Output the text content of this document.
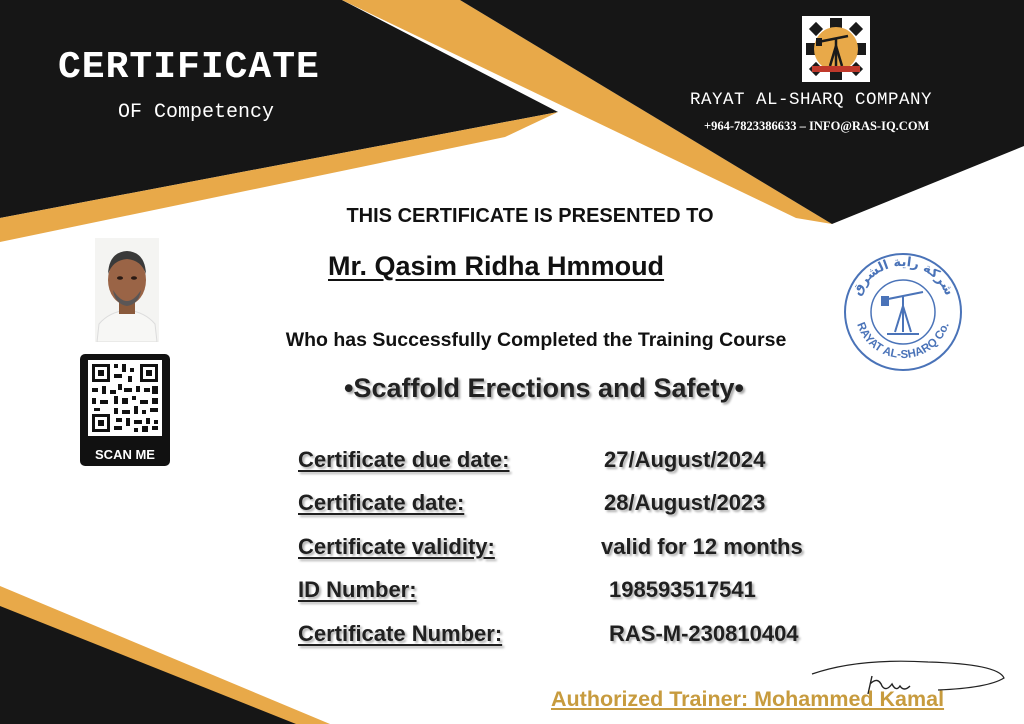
CERTIFICATE
OF Competency
RAYAT AL-SHARQ COMPANY
+964-7823386633 – INFO@RAS-IQ.COM
THIS CERTIFICATE IS PRESENTED TO
Mr. Qasim Ridha Hmmoud
Who has Successfully Completed the Training Course
•Scaffold Erections and Safety•
Certificate due date:	27/August/2024
Certificate date:	28/August/2023
Certificate validity:	valid for 12 months
ID Number:	198593517541
Certificate Number:	RAS-M-230810404
SCAN ME
شركة راية الشرق
RAYAT AL-SHARQ Co.
Authorized Trainer: Mohammed Kamal
